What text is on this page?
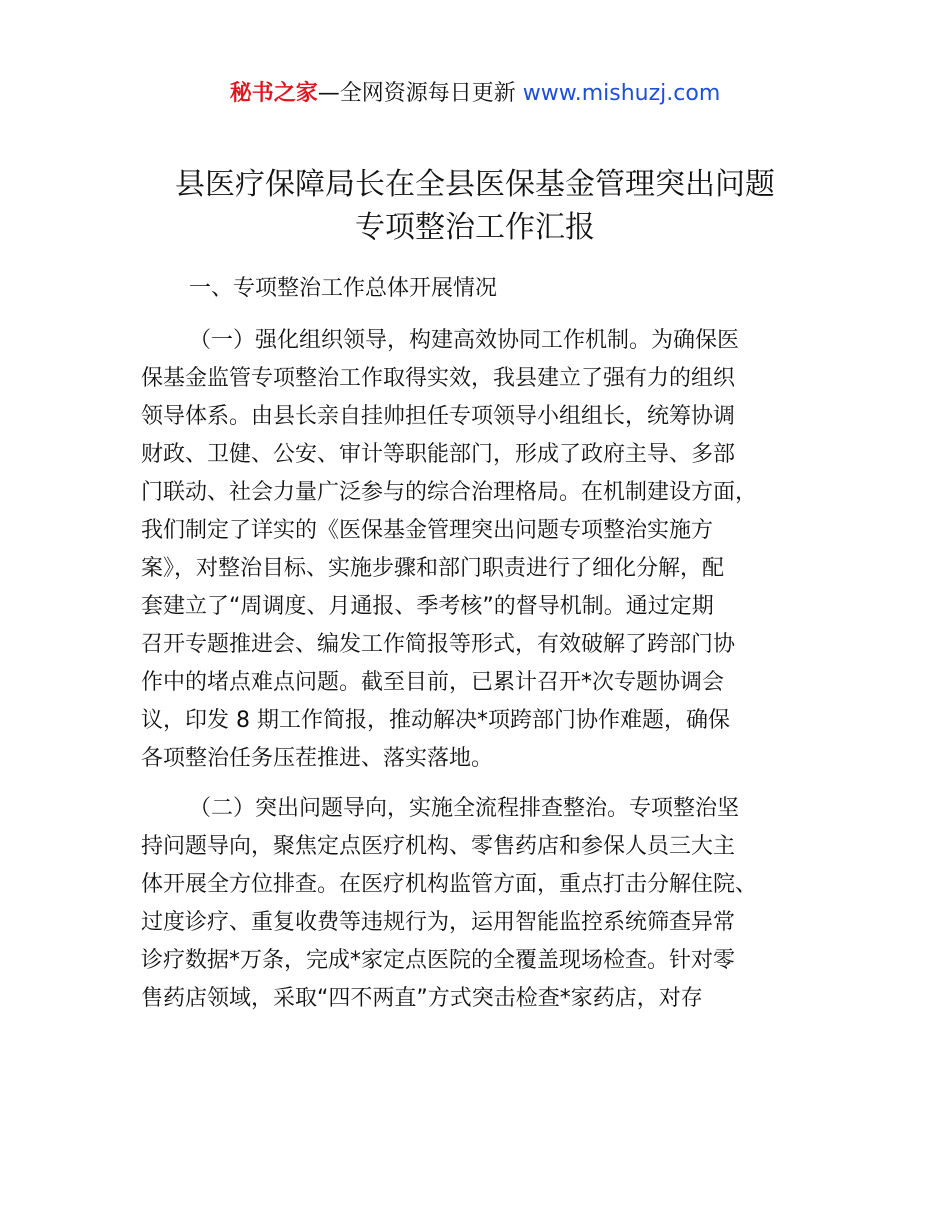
秘书之家—全网资源每日更新 www.mishuzj.com
县医疗保障局长在全县医保基金管理突出问题
专项整治工作汇报

一、专项整治工作总体开展情况

（一）强化组织领导，构建高效协同工作机制。为确保医
保基金监管专项整治工作取得实效，我县建立了强有力的组织
领导体系。由县长亲自挂帅担任专项领导小组组长，统筹协调
财政、卫健、公安、审计等职能部门，形成了政府主导、多部
门联动、社会力量广泛参与的综合治理格局。在机制建设方面，
我们制定了详实的《医保基金管理突出问题专项整治实施方
案》，对整治目标、实施步骤和部门职责进行了细化分解，配
套建立了“周调度、月通报、季考核”的督导机制。通过定期
召开专题推进会、编发工作简报等形式，有效破解了跨部门协
作中的堵点难点问题。截至目前，已累计召开*次专题协调会
议，印发 8 期工作简报，推动解决*项跨部门协作难题，确保
各项整治任务压茬推进、落实落地。
（二）突出问题导向，实施全流程排查整治。专项整治坚
持问题导向，聚焦定点医疗机构、零售药店和参保人员三大主
体开展全方位排查。在医疗机构监管方面，重点打击分解住院、
过度诊疗、重复收费等违规行为，运用智能监控系统筛查异常
诊疗数据*万条，完成*家定点医院的全覆盖现场检查。针对零
售药店领域，采取“四不两直”方式突击检查*家药店，对存
